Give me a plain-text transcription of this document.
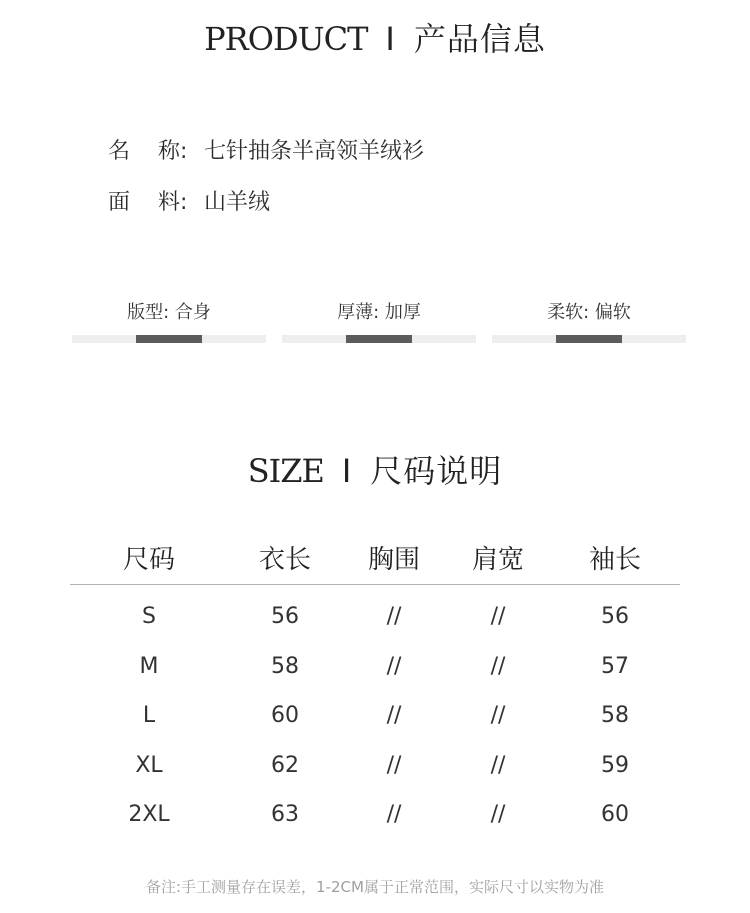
PRODUCT I 产品信息
名 称: 七针抽条半高领羊绒衫
面 料: 山羊绒
版型: 合身	厚薄: 加厚	柔软: 偏软
SIZE I 尺码说明
尺码	衣长	胸围	肩宽	袖长
S	56	//	//	56
M	58	//	//	57
L	60	//	//	58
XL	62	//	//	59
2XL	63	//	//	60
备注:手工测量存在误差，1-2CM属于正常范围，实际尺寸以实物为准
